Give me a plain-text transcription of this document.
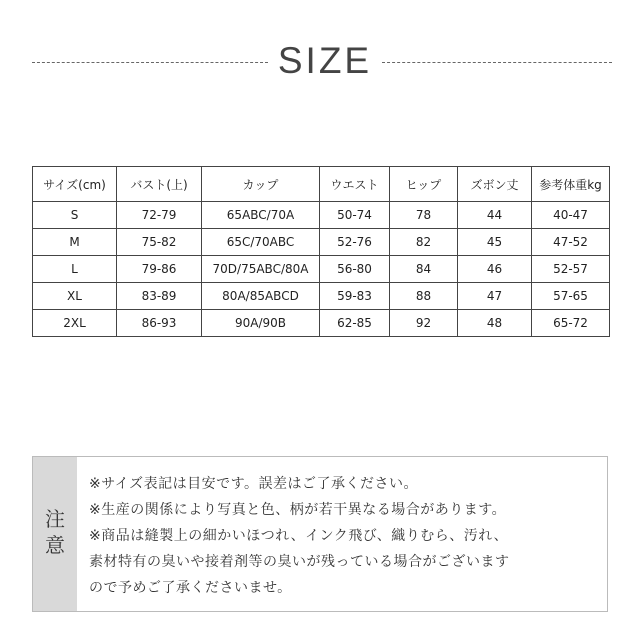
SIZE
サイズ(cm)	バスト(上)	カップ	ウエスト	ヒップ	ズボン丈	参考体重kg
S	72-79	65ABC/70A	50-74	78	44	40-47
M	75-82	65C/70ABC	52-76	82	45	47-52
L	79-86	70D/75ABC/80A	56-80	84	46	52-57
XL	83-89	80A/85ABCD	59-83	88	47	57-65
2XL	86-93	90A/90B	62-85	92	48	65-72
注
意
※サイズ表記は目安です。誤差はご了承ください。
※生産の関係により写真と色、柄が若干異なる場合があります。
※商品は縫製上の細かいほつれ、インク飛び、織りむら、汚れ、
素材特有の臭いや接着剤等の臭いが残っている場合がございます
ので予めご了承くださいませ。
